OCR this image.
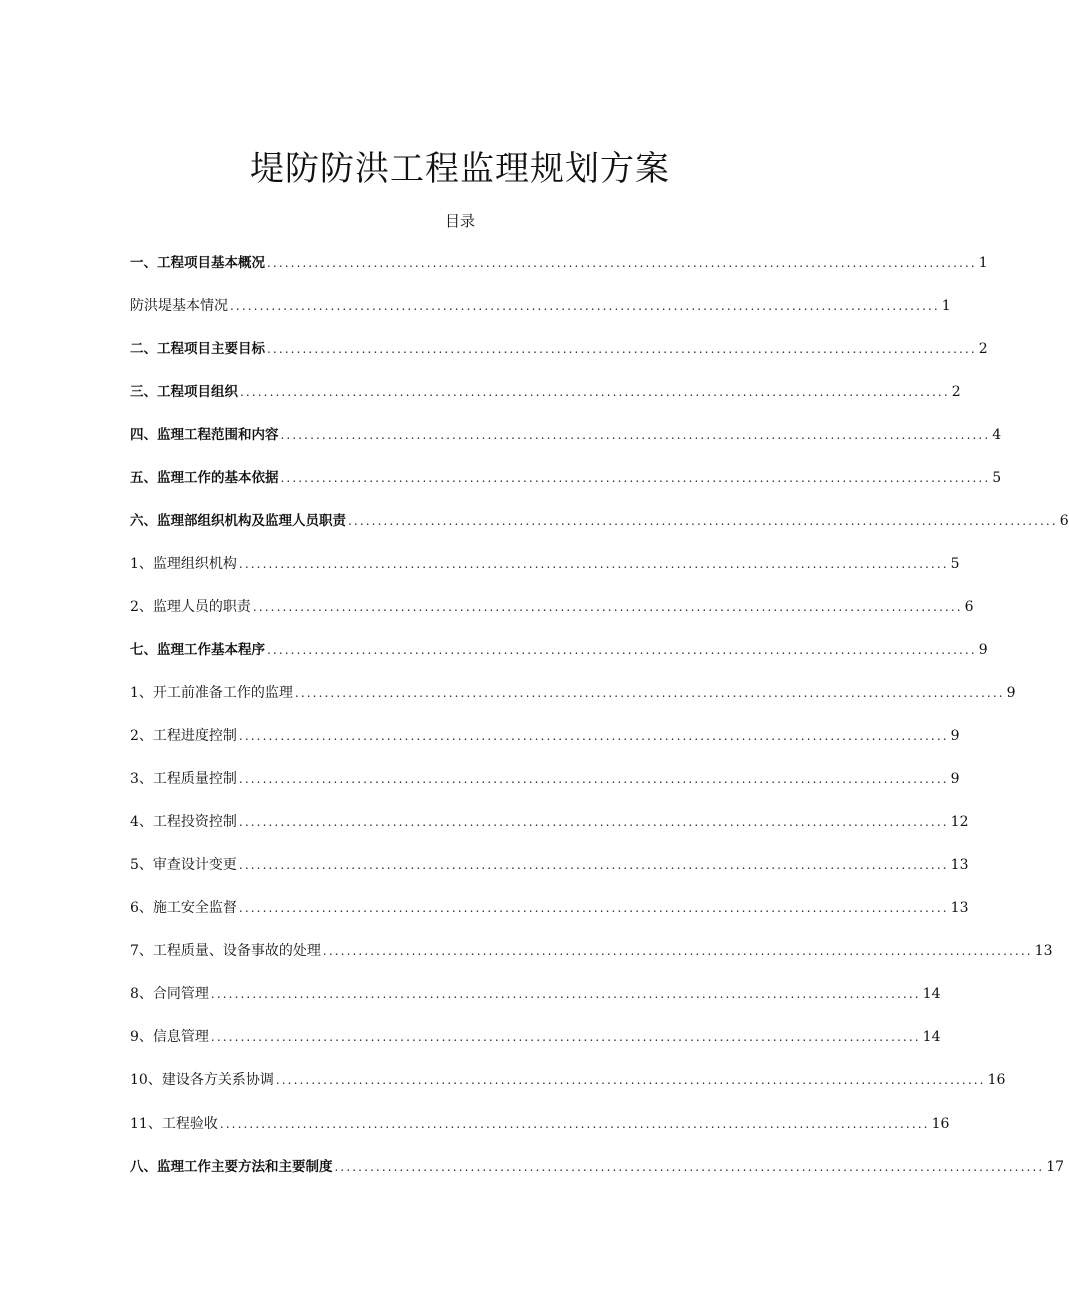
堤防防洪工程监理规划方案
目录
一、工程项目基本概况 ........................................................................................................................ 1
防洪堤基本情况 ........................................................................................................................ 1
二、工程项目主要目标 ........................................................................................................................ 2
三、工程项目组织 ........................................................................................................................ 2
四、监理工程范围和内容 ........................................................................................................................ 4
五、监理工作的基本依据 ........................................................................................................................ 5
六、监理部组织机构及监理人员职责 ........................................................................................................................ 6
1、监理组织机构 ........................................................................................................................ 5
2、监理人员的职责 ........................................................................................................................ 6
七、监理工作基本程序 ........................................................................................................................ 9
1、开工前准备工作的监理 ........................................................................................................................ 9
2、工程进度控制 ........................................................................................................................ 9
3、工程质量控制 ........................................................................................................................ 9
4、工程投资控制 ........................................................................................................................ 12
5、审查设计变更 ........................................................................................................................ 13
6、施工安全监督 ........................................................................................................................ 13
7、工程质量、设备事故的处理 ........................................................................................................................ 13
8、合同管理 ........................................................................................................................ 14
9、信息管理 ........................................................................................................................ 14
10、建设各方关系协调 ........................................................................................................................ 16
11、工程验收 ........................................................................................................................ 16
八、监理工作主要方法和主要制度 ........................................................................................................................ 17
